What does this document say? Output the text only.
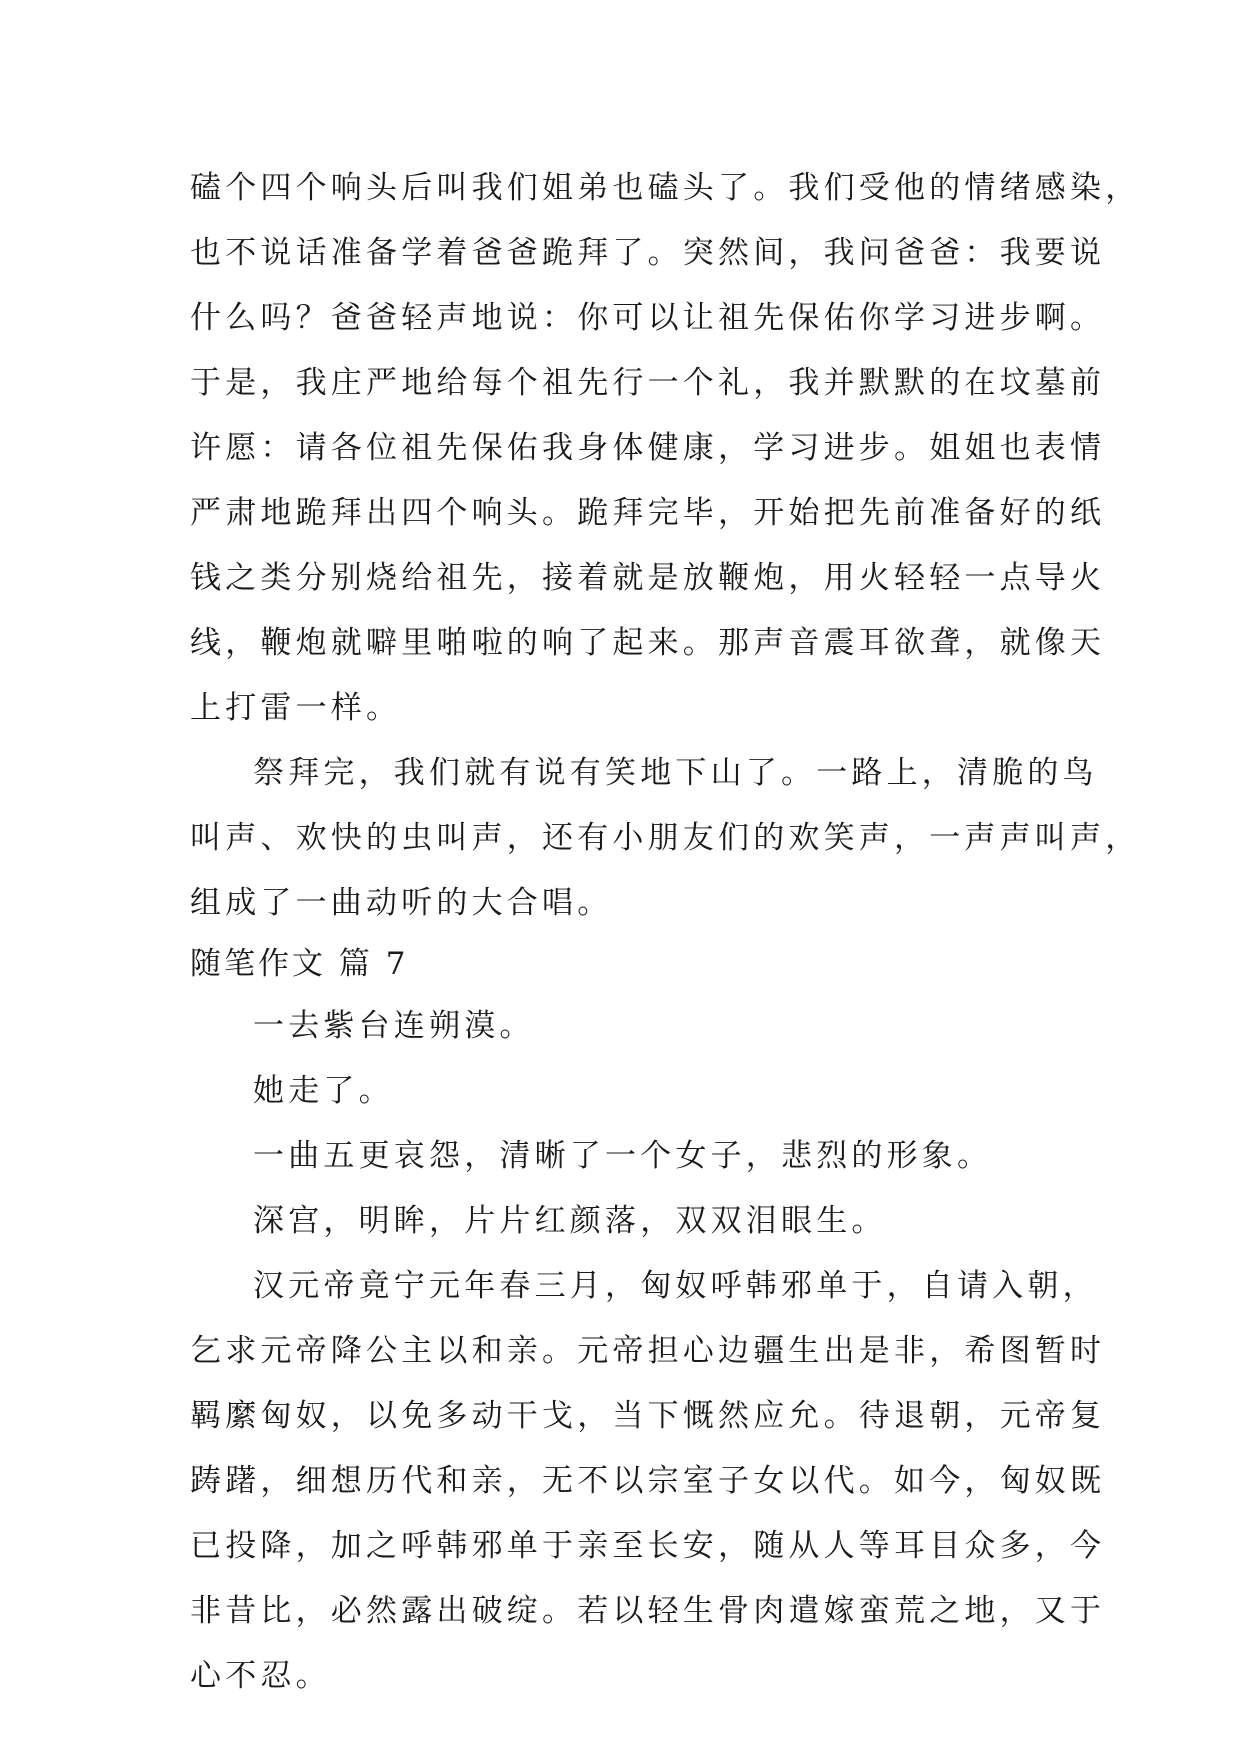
磕个四个响头后叫我们姐弟也磕头了。我们受他的情绪感染，
也不说话准备学着爸爸跪拜了。突然间，我问爸爸：我要说
什么吗？爸爸轻声地说：你可以让祖先保佑你学习进步啊。
于是，我庄严地给每个祖先行一个礼，我并默默的在坟墓前
许愿：请各位祖先保佑我身体健康，学习进步。姐姐也表情
严肃地跪拜出四个响头。跪拜完毕，开始把先前准备好的纸
钱之类分别烧给祖先，接着就是放鞭炮，用火轻轻一点导火
线，鞭炮就噼里啪啦的响了起来。那声音震耳欲聋，就像天
上打雷一样。
祭拜完，我们就有说有笑地下山了。一路上，清脆的鸟
叫声、欢快的虫叫声，还有小朋友们的欢笑声，一声声叫声，
组成了一曲动听的大合唱。
随笔作文 篇 7
一去紫台连朔漠。
她走了。
一曲五更哀怨，清晰了一个女子，悲烈的形象。
深宫，明眸，片片红颜落，双双泪眼生。
汉元帝竟宁元年春三月，匈奴呼韩邪单于，自请入朝，
乞求元帝降公主以和亲。元帝担心边疆生出是非，希图暂时
羁縻匈奴，以免多动干戈，当下慨然应允。待退朝，元帝复
踌躇，细想历代和亲，无不以宗室子女以代。如今，匈奴既
已投降，加之呼韩邪单于亲至长安，随从人等耳目众多，今
非昔比，必然露出破绽。若以轻生骨肉遣嫁蛮荒之地，又于
心不忍。
